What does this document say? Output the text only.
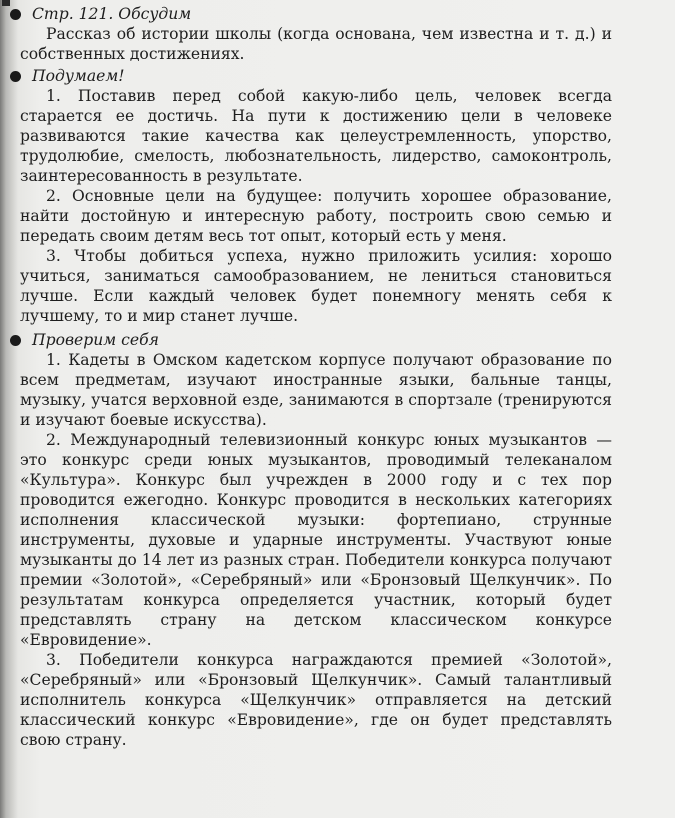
Стр. 121. Обсудим

Рассказ об истории школы (когда основана, чем известна и т. д.) и собственных достижениях.

Подумаем!

1. Поставив перед собой какую-либо цель, человек всегда старается ее достичь. На пути к достижению цели в человеке развиваются такие качества как целеустремленность, упорство, трудолюбие, смелость, любознательность, лидерство, самоконтроль, заинтересованность в результате.

2. Основные цели на будущее: получить хорошее образование, найти достойную и интересную работу, построить свою семью и передать своим детям весь тот опыт, который есть у меня.

3. Чтобы добиться успеха, нужно приложить усилия: хорошо учиться, заниматься самообразованием, не лениться становиться лучше. Если каждый человек будет понемногу менять себя к лучшему, то и мир станет лучше.

Проверим себя

1. Кадеты в Омском кадетском корпусе получают образование по всем предметам, изучают иностранные языки, бальные танцы, музыку, учатся верховной езде, занимаются в спортзале (тренируются и изучают боевые искусства).

2. Международный телевизионный конкурс юных музыкантов — это конкурс среди юных музыкантов, проводимый телеканалом «Культура». Конкурс был учрежден в 2000 году и с тех пор проводится ежегодно. Конкурс проводится в нескольких категориях исполнения классической музыки: фортепиано, струнные инструменты, духовые и ударные инструменты. Участвуют юные музыканты до 14 лет из разных стран. Победители конкурса получают премии «Золотой», «Серебряный» или «Бронзовый Щелкунчик». По результатам конкурса определяется участник, который будет представлять страну на детском классическом конкурсе «Евровидение».

3. Победители конкурса награждаются премией «Золотой», «Серебряный» или «Бронзовый Щелкунчик». Самый талантливый исполнитель конкурса «Щелкунчик» отправляется на детский классический конкурс «Евровидение», где он будет представлять свою страну.
